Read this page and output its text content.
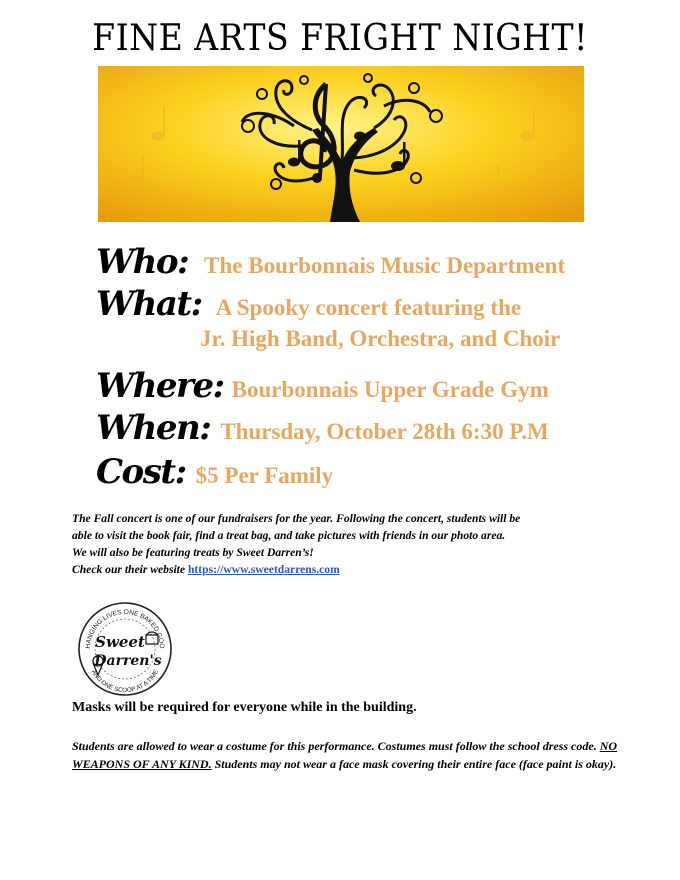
FINE ARTS FRIGHT NIGHT!
Who: The Bourbonnais Music Department
What: A Spooky concert featuring the
Jr. High Band, Orchestra, and Choir
Where: Bourbonnais Upper Grade Gym
When: Thursday, October 28th 6:30 P.M
Cost: $5 Per Family

The Fall concert is one of our fundraisers for the year. Following the concert, students will be

able to visit the book fair, find a treat bag, and take pictures with friends in our photo area.

We will also be featuring treats by Sweet Darren’s!

Check our their website https://www.sweetdarrens.com

HANGING LIVES ONE BAKED GOO
AND ONE SCOOP AT A TIME
Sweet
Darren's
Masks will be required for everyone while in the building.
Students are allowed to wear a costume for this performance. Costumes must follow the school dress code. NO WEAPONS OF ANY KIND. Students may not wear a face mask covering their entire face (face paint is okay).
